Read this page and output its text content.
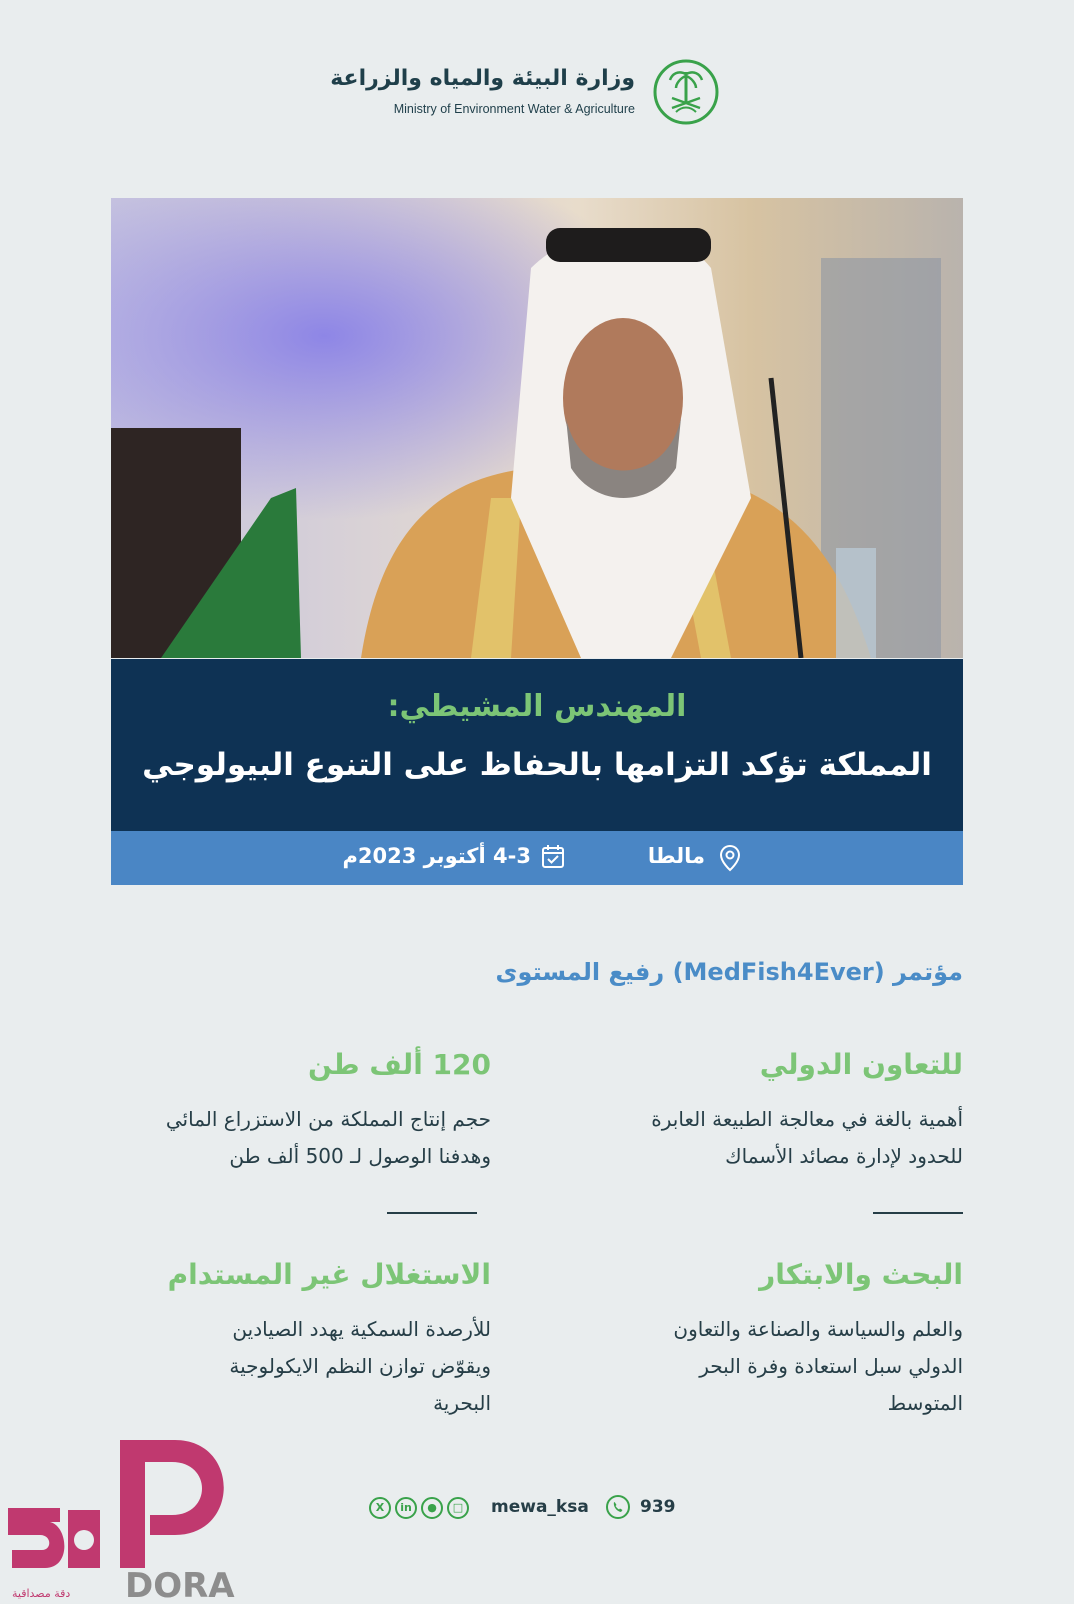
وزارة البيئة والمياه والزراعة
Ministry of Environment Water & Agriculture
المهندس المشيطي:
المملكة تؤكد التزامها بالحفاظ على التنوع البيولوجي
مالطا
4-3 أكتوبر 2023م
مؤتمر (MedFish4Ever) رفيع المستوى
للتعاون الدولي
أهمية بالغة في معالجة الطبيعة العابرة
للحدود لإدارة مصائد الأسماك
120 ألف طن
حجم إنتاج المملكة من الاستزراع المائي
وهدفنا الوصول لـ 500 ألف طن
البحث والابتكار
والعلم والسياسة والصناعة والتعاون
الدولي سبل استعادة وفرة البحر
المتوسط
الاستغلال غير المستدام
للأرصدة السمكية يهدد الصيادين
ويقوّض توازن النظم الايكولوجية
البحرية
X	in	●	□	mewa_ksa	939
DORA
دقة مصداقية
